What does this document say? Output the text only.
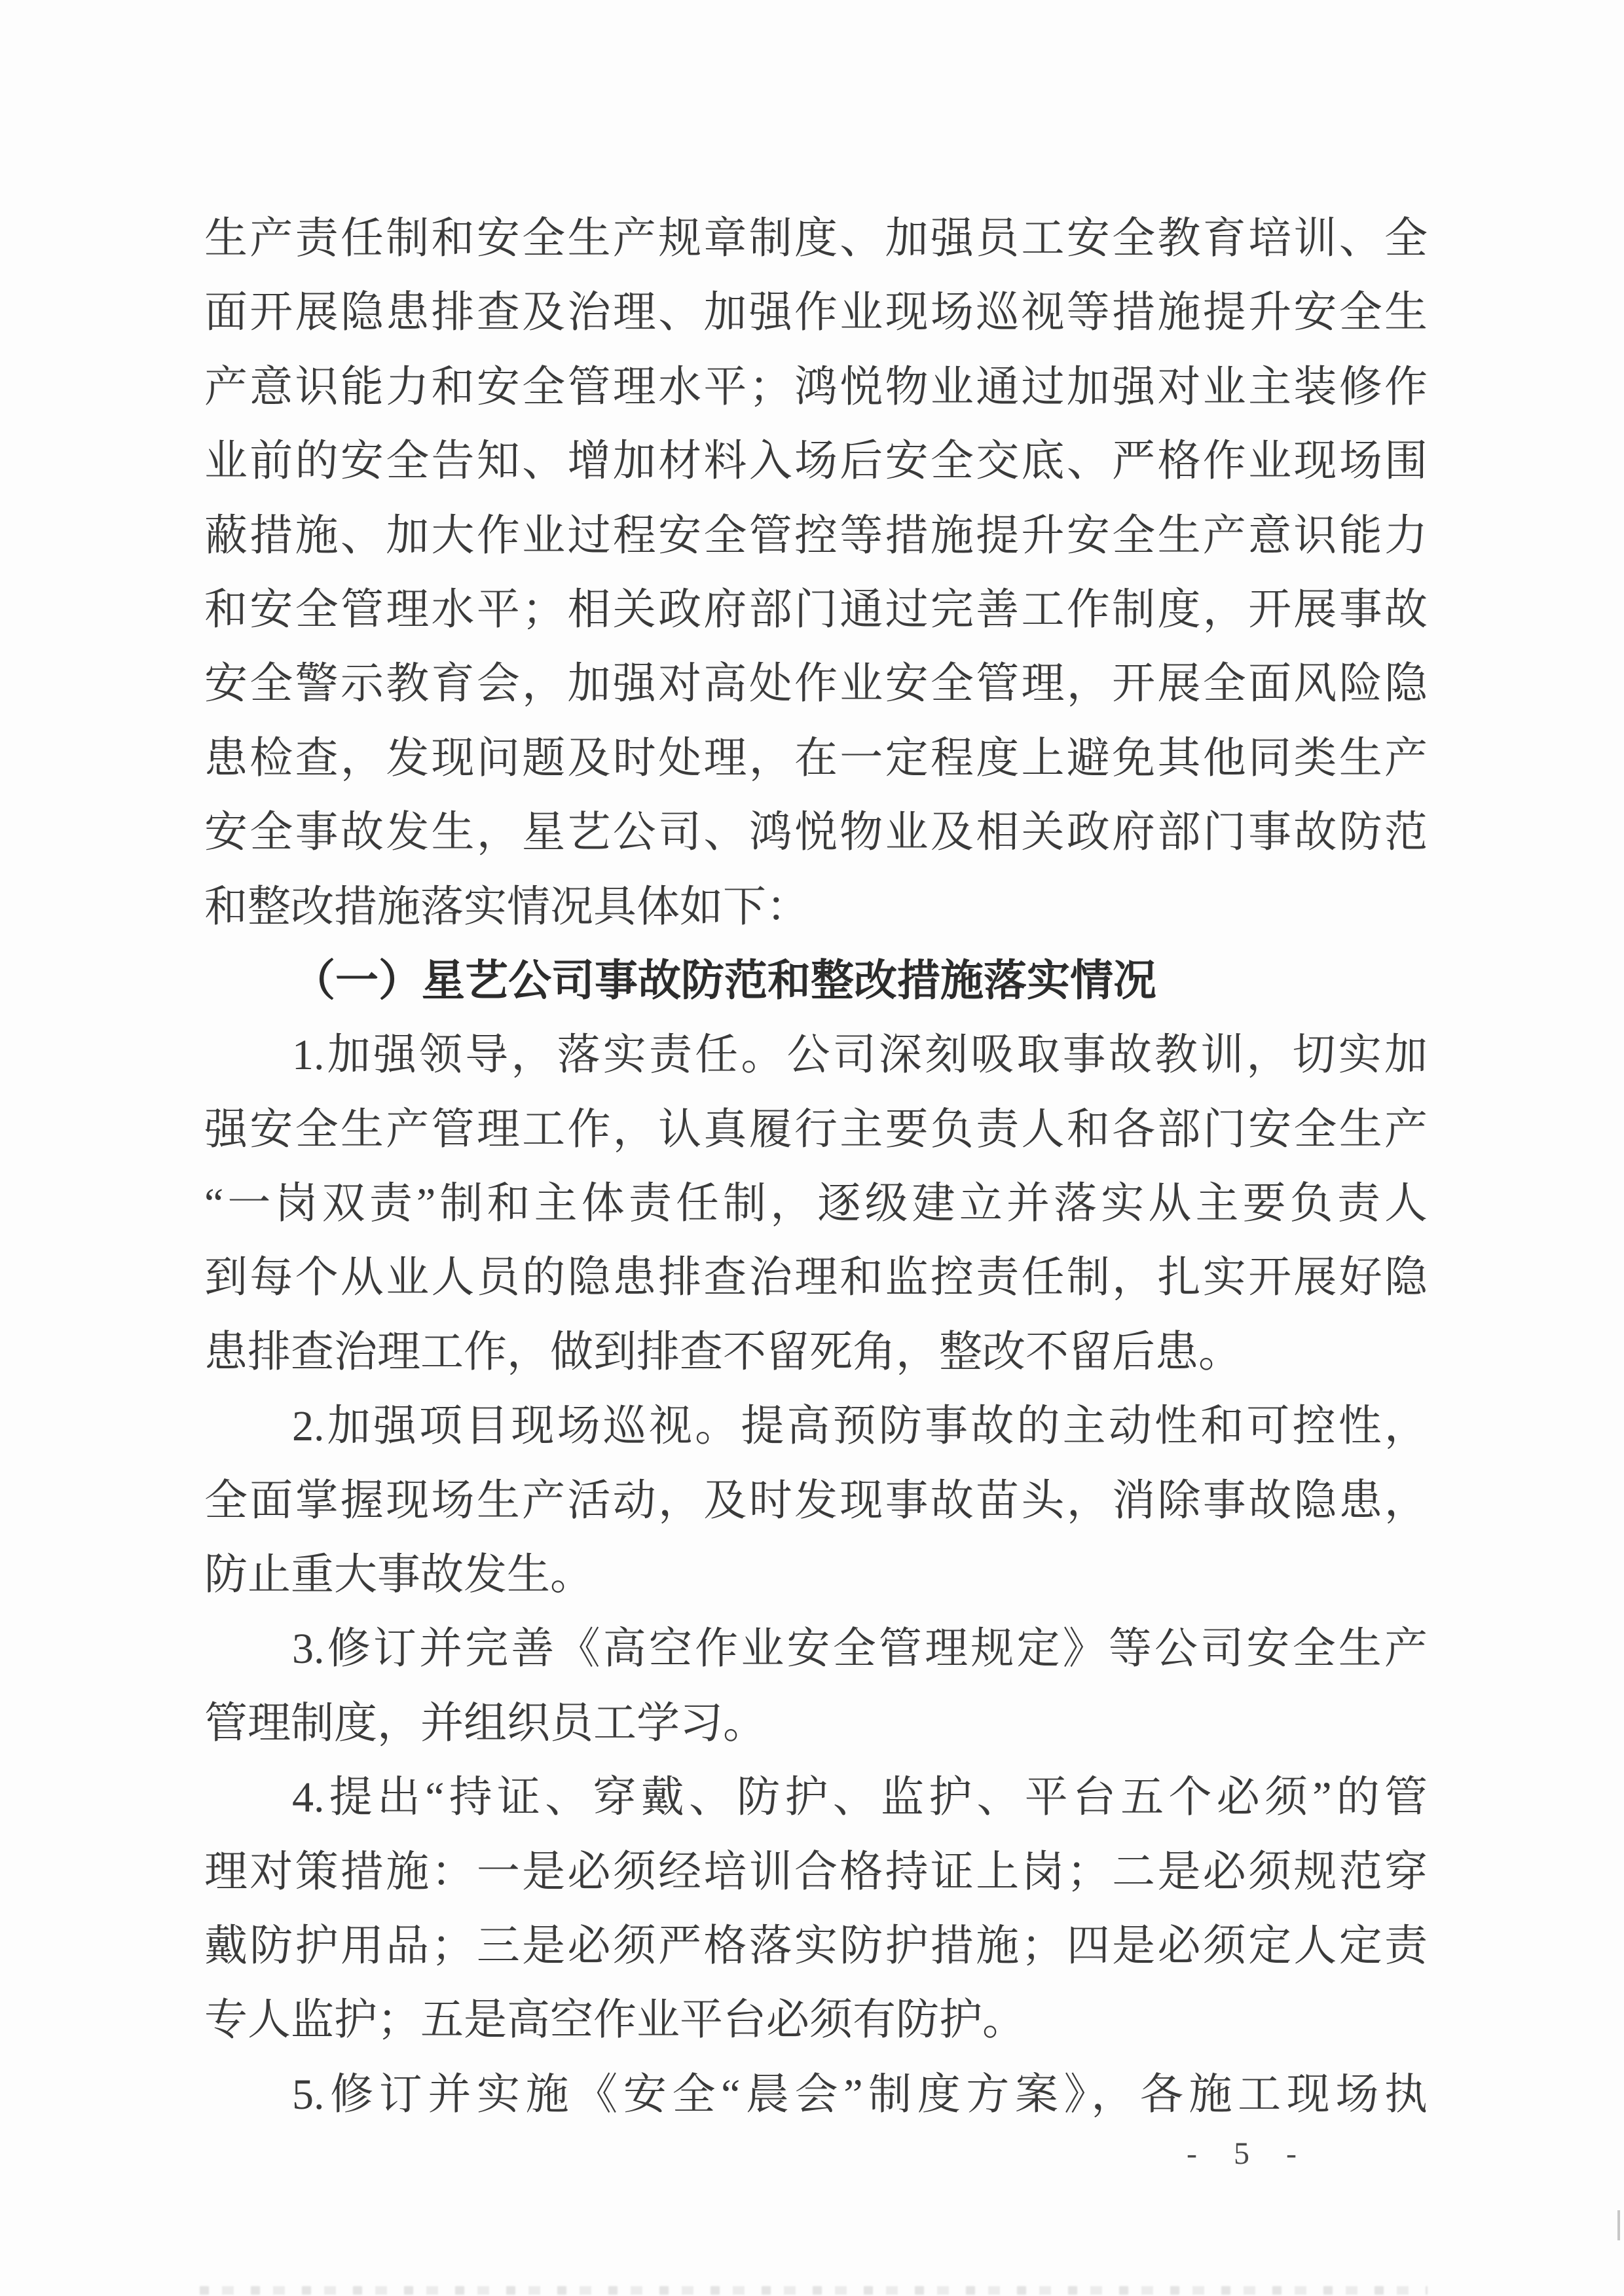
生产责任制和安全生产规章制度、加强员工安全教育培训、全
面开展隐患排查及治理、加强作业现场巡视等措施提升安全生
产意识能力和安全管理水平；鸿悦物业通过加强对业主装修作
业前的安全告知、增加材料入场后安全交底、严格作业现场围
蔽措施、加大作业过程安全管控等措施提升安全生产意识能力
和安全管理水平；相关政府部门通过完善工作制度，开展事故
安全警示教育会，加强对高处作业安全管理，开展全面风险隐
患检查，发现问题及时处理，在一定程度上避免其他同类生产
安全事故发生，星艺公司、鸿悦物业及相关政府部门事故防范
和整改措施落实情况具体如下：
（一）星艺公司事故防范和整改措施落实情况
1.加强领导，落实责任。公司深刻吸取事故教训，切实加
强安全生产管理工作，认真履行主要负责人和各部门安全生产
“一岗双责”制和主体责任制，逐级建立并落实从主要负责人
到每个从业人员的隐患排查治理和监控责任制，扎实开展好隐
患排查治理工作，做到排查不留死角，整改不留后患。
2.加强项目现场巡视。提高预防事故的主动性和可控性，
全面掌握现场生产活动，及时发现事故苗头，消除事故隐患，
防止重大事故发生。
3.修订并完善《高空作业安全管理规定》等公司安全生产
管理制度，并组织员工学习。
4.提出“持证、穿戴、防护、监护、平台五个必须”的管
理对策措施：一是必须经培训合格持证上岗；二是必须规范穿
戴防护用品；三是必须严格落实防护措施；四是必须定人定责
专人监护；五是高空作业平台必须有防护。
5.修订并实施《安全“晨会”制度方案》，各施工现场执
- 5 -
